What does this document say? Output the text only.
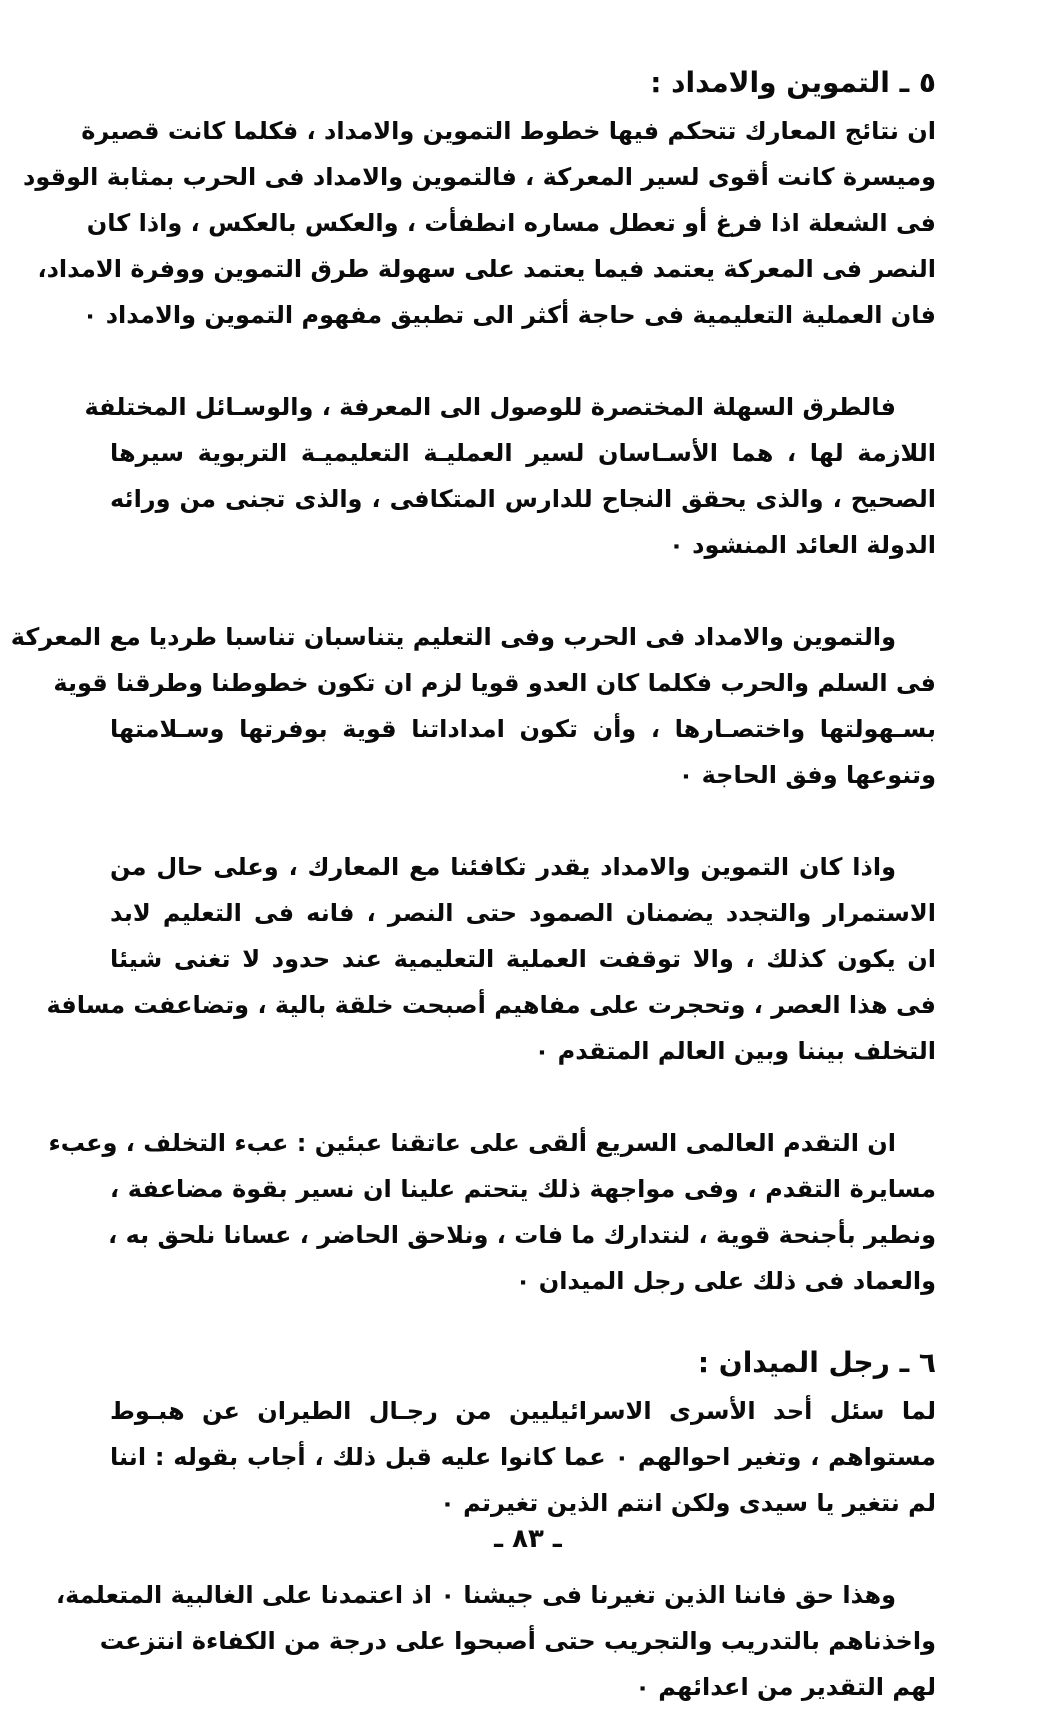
٥ ـ التموين والامداد :
ان نتائج المعارك تتحكم فيها خطوط التموين والامداد ، فكلما كانت قصيرة
وميسرة كانت أقوى لسير المعركة ، فالتموين والامداد فى الحرب بمثابة الوقود
فى الشعلة اذا فرغ أو تعطل مساره انطفأت ، والعكس بالعكس ، واذا كان
النصر فى المعركة يعتمد فيما يعتمد على سهولة طرق التموين ووفرة الامداد،
فان العملية التعليمية فى حاجة أكثر الى تطبيق مفهوم التموين والامداد ٠
فالطرق السهلة المختصرة للوصول الى المعرفة ، والوسـائل المختلفة
اللازمة لها ، هما الأسـاسان لسير العمليـة التعليميـة التربوية سيرها
الصحيح ، والذى يحقق النجاح للدارس المتكافى ، والذى تجنى من ورائه
الدولة العائد المنشود ٠
والتموين والامداد فى الحرب وفى التعليم يتناسبان تناسبا طرديا مع المعركة
فى السلم والحرب فكلما كان العدو قويا لزم ان تكون خطوطنا وطرقنا قوية
بسـهولتها واختصـارها ، وأن تكون امداداتنا قوية بوفرتها وسـلامتها
وتنوعها وفق الحاجة ٠
واذا كان التموين والامداد يقدر تكافئنا مع المعارك ، وعلى حال من
الاستمرار والتجدد يضمنان الصمود حتى النصر ، فانه فى التعليم لابد
ان يكون كذلك ، والا توقفت العملية التعليمية عند حدود لا تغنى شيئا
فى هذا العصر ، وتحجرت على مفاهيم أصبحت خلقة بالية ، وتضاعفت مسافة
التخلف بيننا وبين العالم المتقدم ٠
ان التقدم العالمى السريع ألقى على عاتقنا عبئين : عبء التخلف ، وعبء
مسايرة التقدم ، وفى مواجهة ذلك يتحتم علينا ان نسير بقوة مضاعفة ،
ونطير بأجنحة قوية ، لنتدارك ما فات ، ونلاحق الحاضر ، عسانا نلحق به ،
والعماد فى ذلك على رجل الميدان ٠
٦ ـ رجل الميدان :
لما سئل أحد الأسرى الاسرائيليين من رجـال الطيران عن هبـوط
مستواهم ، وتغير احوالهم ٠ عما كانوا عليه قبل ذلك ، أجاب بقوله : اننا
لم نتغير يا سيدى ولكن انتم الذين تغيرتم ٠
وهذا حق فاننا الذين تغيرنا فى جيشنا ٠ اذ اعتمدنا على الغالبية المتعلمة،
واخذناهم بالتدريب والتجريب حتى أصبحوا على درجة من الكفاءة انتزعت
لهم التقدير من اعدائهم ٠
ـ ٨٣ ـ
